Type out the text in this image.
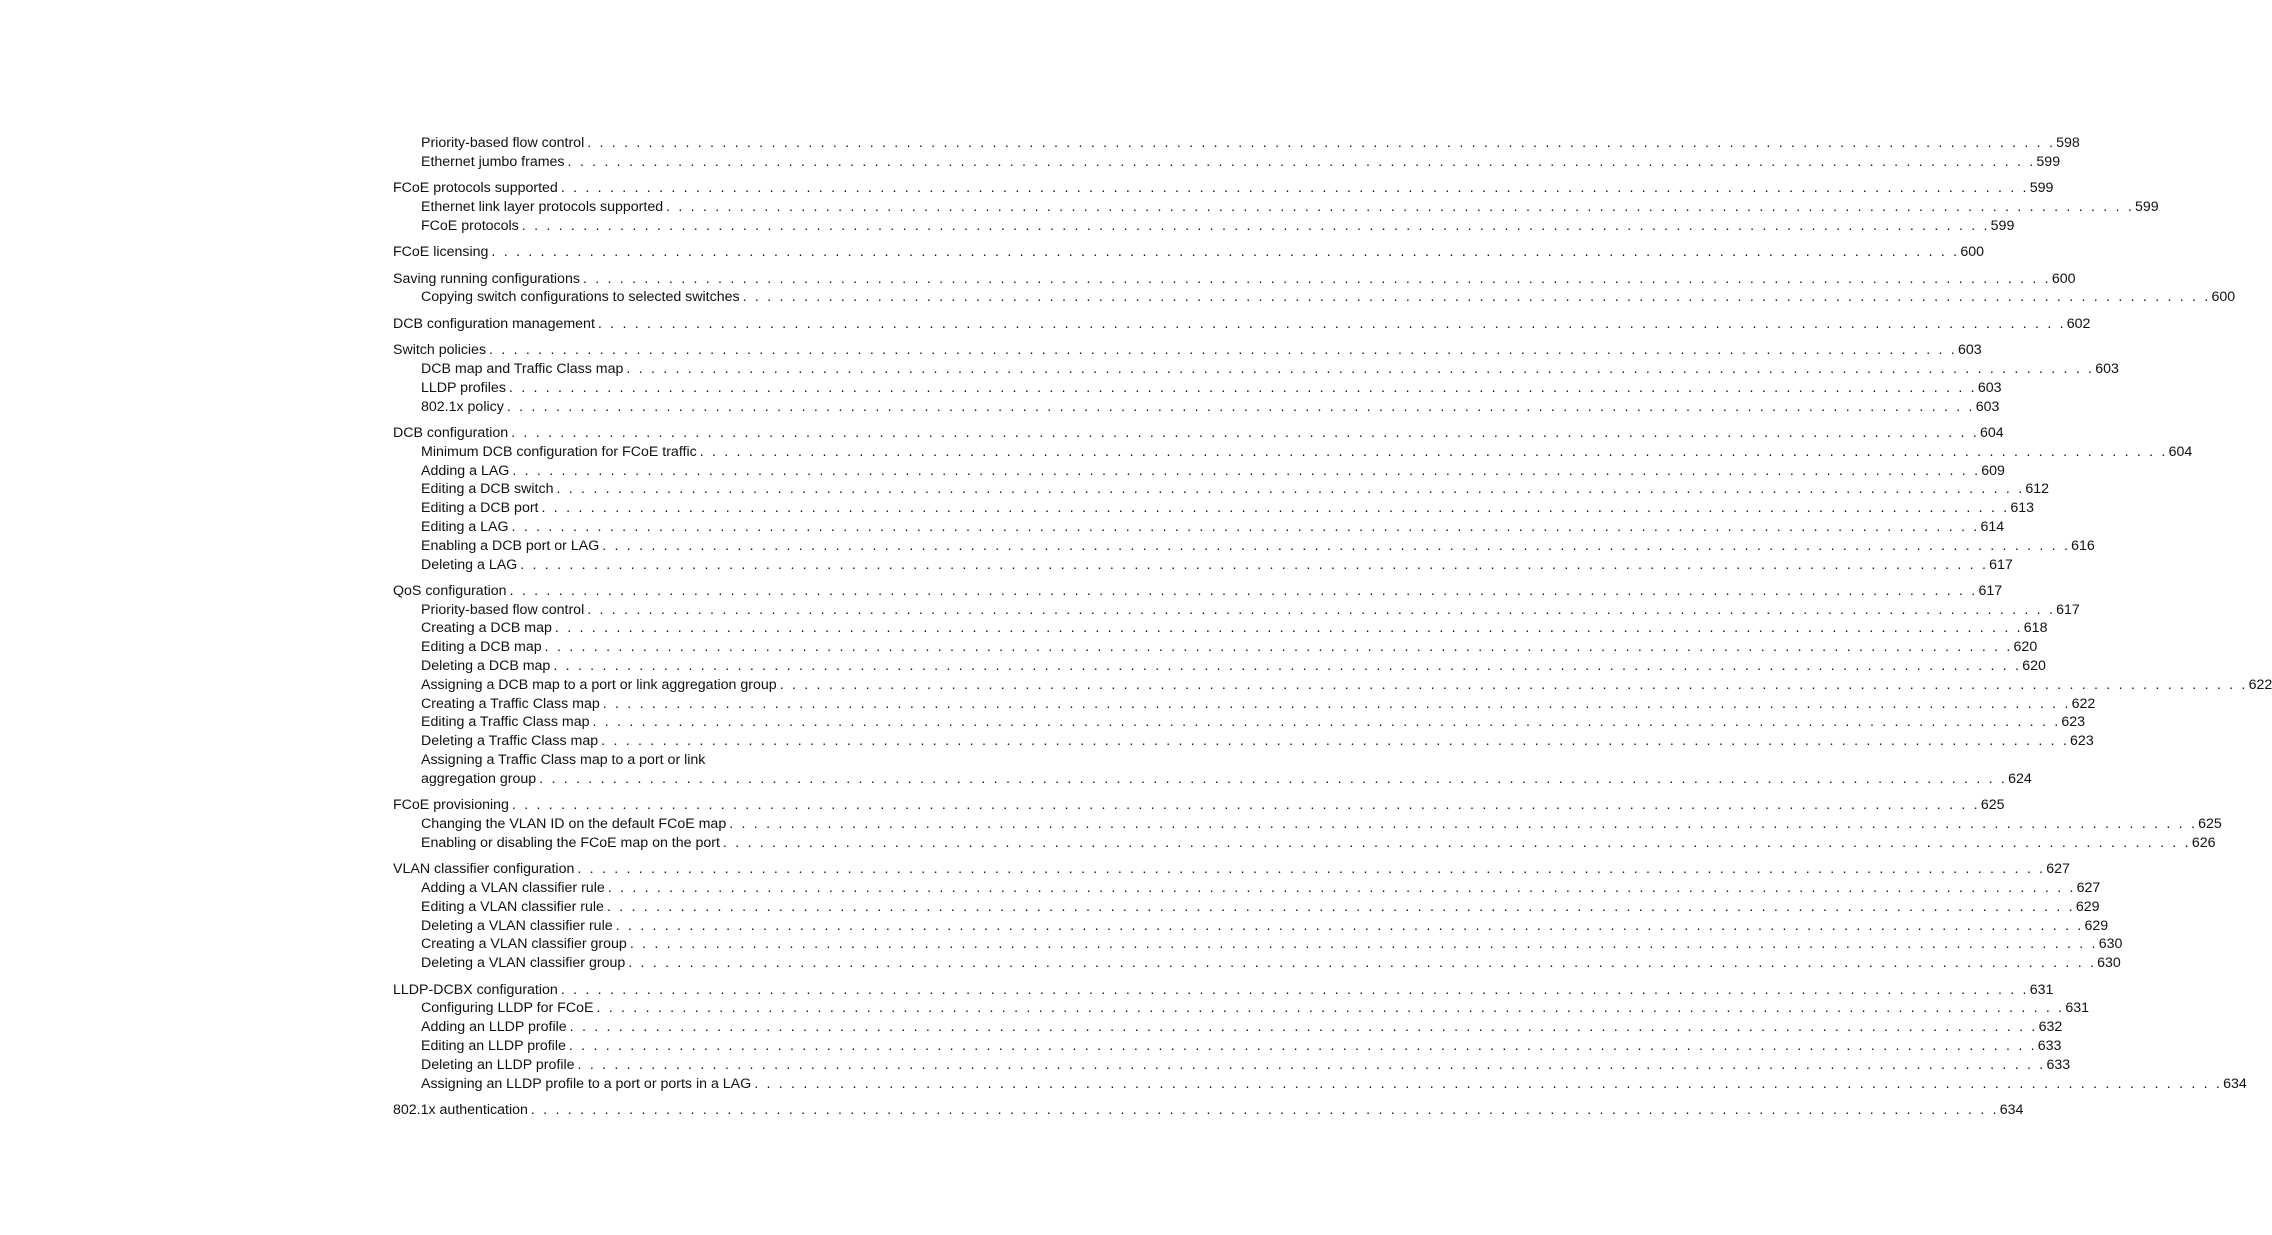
Priority-based flow control . . . . . . . . . . . . . . . . . . . . . . . . . . . . . . . . . . . . . . . . . . . . . . . . . . . . . . . . . . . . . . . . . . . . . . . . . . . . . . . . . . . . . . . . . . . . . . . . . . . . . . . . . . . . . . . . . . . . . . . . 598
Ethernet jumbo frames . . . . . . . . . . . . . . . . . . . . . . . . . . . . . . . . . . . . . . . . . . . . . . . . . . . . . . . . . . . . . . . . . . . . . . . . . . . . . . . . . . . . . . . . . . . . . . . . . . . . . . . . . . . . . . . . . . . . . . . . 599
FCoE protocols supported . . . . . . . . . . . . . . . . . . . . . . . . . . . . . . . . . . . . . . . . . . . . . . . . . . . . . . . . . . . . . . . . . . . . . . . . . . . . . . . . . . . . . . . . . . . . . . . . . . . . . . . . . . . . . . . . . . . . . . . . 599
Ethernet link layer protocols supported . . . . . . . . . . . . . . . . . . . . . . . . . . . . . . . . . . . . . . . . . . . . . . . . . . . . . . . . . . . . . . . . . . . . . . . . . . . . . . . . . . . . . . . . . . . . . . . . . . . . . . . . . . . . . . . . . . . . . . . . 599
FCoE protocols . . . . . . . . . . . . . . . . . . . . . . . . . . . . . . . . . . . . . . . . . . . . . . . . . . . . . . . . . . . . . . . . . . . . . . . . . . . . . . . . . . . . . . . . . . . . . . . . . . . . . . . . . . . . . . . . . . . . . . . . 599
FCoE licensing . . . . . . . . . . . . . . . . . . . . . . . . . . . . . . . . . . . . . . . . . . . . . . . . . . . . . . . . . . . . . . . . . . . . . . . . . . . . . . . . . . . . . . . . . . . . . . . . . . . . . . . . . . . . . . . . . . . . . . . . 600
Saving running configurations . . . . . . . . . . . . . . . . . . . . . . . . . . . . . . . . . . . . . . . . . . . . . . . . . . . . . . . . . . . . . . . . . . . . . . . . . . . . . . . . . . . . . . . . . . . . . . . . . . . . . . . . . . . . . . . . . . . . . . . . 600
Copying switch configurations to selected switches . . . . . . . . . . . . . . . . . . . . . . . . . . . . . . . . . . . . . . . . . . . . . . . . . . . . . . . . . . . . . . . . . . . . . . . . . . . . . . . . . . . . . . . . . . . . . . . . . . . . . . . . . . . . . . . . . . . . . . . . 600
DCB configuration management . . . . . . . . . . . . . . . . . . . . . . . . . . . . . . . . . . . . . . . . . . . . . . . . . . . . . . . . . . . . . . . . . . . . . . . . . . . . . . . . . . . . . . . . . . . . . . . . . . . . . . . . . . . . . . . . . . . . . . . . 602
Switch policies . . . . . . . . . . . . . . . . . . . . . . . . . . . . . . . . . . . . . . . . . . . . . . . . . . . . . . . . . . . . . . . . . . . . . . . . . . . . . . . . . . . . . . . . . . . . . . . . . . . . . . . . . . . . . . . . . . . . . . . . 603
DCB map and Traffic Class map . . . . . . . . . . . . . . . . . . . . . . . . . . . . . . . . . . . . . . . . . . . . . . . . . . . . . . . . . . . . . . . . . . . . . . . . . . . . . . . . . . . . . . . . . . . . . . . . . . . . . . . . . . . . . . . . . . . . . . . . 603
LLDP profiles . . . . . . . . . . . . . . . . . . . . . . . . . . . . . . . . . . . . . . . . . . . . . . . . . . . . . . . . . . . . . . . . . . . . . . . . . . . . . . . . . . . . . . . . . . . . . . . . . . . . . . . . . . . . . . . . . . . . . . . . 603
802.1x policy . . . . . . . . . . . . . . . . . . . . . . . . . . . . . . . . . . . . . . . . . . . . . . . . . . . . . . . . . . . . . . . . . . . . . . . . . . . . . . . . . . . . . . . . . . . . . . . . . . . . . . . . . . . . . . . . . . . . . . . . 603
DCB configuration . . . . . . . . . . . . . . . . . . . . . . . . . . . . . . . . . . . . . . . . . . . . . . . . . . . . . . . . . . . . . . . . . . . . . . . . . . . . . . . . . . . . . . . . . . . . . . . . . . . . . . . . . . . . . . . . . . . . . . . . 604
Minimum DCB configuration for FCoE traffic . . . . . . . . . . . . . . . . . . . . . . . . . . . . . . . . . . . . . . . . . . . . . . . . . . . . . . . . . . . . . . . . . . . . . . . . . . . . . . . . . . . . . . . . . . . . . . . . . . . . . . . . . . . . . . . . . . . . . . . . 604
Adding a LAG . . . . . . . . . . . . . . . . . . . . . . . . . . . . . . . . . . . . . . . . . . . . . . . . . . . . . . . . . . . . . . . . . . . . . . . . . . . . . . . . . . . . . . . . . . . . . . . . . . . . . . . . . . . . . . . . . . . . . . . . 609
Editing a DCB switch . . . . . . . . . . . . . . . . . . . . . . . . . . . . . . . . . . . . . . . . . . . . . . . . . . . . . . . . . . . . . . . . . . . . . . . . . . . . . . . . . . . . . . . . . . . . . . . . . . . . . . . . . . . . . . . . . . . . . . . . 612
Editing a DCB port . . . . . . . . . . . . . . . . . . . . . . . . . . . . . . . . . . . . . . . . . . . . . . . . . . . . . . . . . . . . . . . . . . . . . . . . . . . . . . . . . . . . . . . . . . . . . . . . . . . . . . . . . . . . . . . . . . . . . . . . 613
Editing a LAG . . . . . . . . . . . . . . . . . . . . . . . . . . . . . . . . . . . . . . . . . . . . . . . . . . . . . . . . . . . . . . . . . . . . . . . . . . . . . . . . . . . . . . . . . . . . . . . . . . . . . . . . . . . . . . . . . . . . . . . . 614
Enabling a DCB port or LAG . . . . . . . . . . . . . . . . . . . . . . . . . . . . . . . . . . . . . . . . . . . . . . . . . . . . . . . . . . . . . . . . . . . . . . . . . . . . . . . . . . . . . . . . . . . . . . . . . . . . . . . . . . . . . . . . . . . . . . . . 616
Deleting a LAG . . . . . . . . . . . . . . . . . . . . . . . . . . . . . . . . . . . . . . . . . . . . . . . . . . . . . . . . . . . . . . . . . . . . . . . . . . . . . . . . . . . . . . . . . . . . . . . . . . . . . . . . . . . . . . . . . . . . . . . . 617
QoS configuration . . . . . . . . . . . . . . . . . . . . . . . . . . . . . . . . . . . . . . . . . . . . . . . . . . . . . . . . . . . . . . . . . . . . . . . . . . . . . . . . . . . . . . . . . . . . . . . . . . . . . . . . . . . . . . . . . . . . . . . . 617
Priority-based flow control . . . . . . . . . . . . . . . . . . . . . . . . . . . . . . . . . . . . . . . . . . . . . . . . . . . . . . . . . . . . . . . . . . . . . . . . . . . . . . . . . . . . . . . . . . . . . . . . . . . . . . . . . . . . . . . . . . . . . . . . 617
Creating a DCB map . . . . . . . . . . . . . . . . . . . . . . . . . . . . . . . . . . . . . . . . . . . . . . . . . . . . . . . . . . . . . . . . . . . . . . . . . . . . . . . . . . . . . . . . . . . . . . . . . . . . . . . . . . . . . . . . . . . . . . . . 618
Editing a DCB map . . . . . . . . . . . . . . . . . . . . . . . . . . . . . . . . . . . . . . . . . . . . . . . . . . . . . . . . . . . . . . . . . . . . . . . . . . . . . . . . . . . . . . . . . . . . . . . . . . . . . . . . . . . . . . . . . . . . . . . . 620
Deleting a DCB map . . . . . . . . . . . . . . . . . . . . . . . . . . . . . . . . . . . . . . . . . . . . . . . . . . . . . . . . . . . . . . . . . . . . . . . . . . . . . . . . . . . . . . . . . . . . . . . . . . . . . . . . . . . . . . . . . . . . . . . . 620
Assigning a DCB map to a port or link aggregation group . . . . . . . . . . . . . . . . . . . . . . . . . . . . . . . . . . . . . . . . . . . . . . . . . . . . . . . . . . . . . . . . . . . . . . . . . . . . . . . . . . . . . . . . . . . . . . . . . . . . . . . . . . . . . . . . . . . . . . . . 622
Creating a Traffic Class map . . . . . . . . . . . . . . . . . . . . . . . . . . . . . . . . . . . . . . . . . . . . . . . . . . . . . . . . . . . . . . . . . . . . . . . . . . . . . . . . . . . . . . . . . . . . . . . . . . . . . . . . . . . . . . . . . . . . . . . . 622
Editing a Traffic Class map . . . . . . . . . . . . . . . . . . . . . . . . . . . . . . . . . . . . . . . . . . . . . . . . . . . . . . . . . . . . . . . . . . . . . . . . . . . . . . . . . . . . . . . . . . . . . . . . . . . . . . . . . . . . . . . . . . . . . . . . 623
Deleting a Traffic Class map . . . . . . . . . . . . . . . . . . . . . . . . . . . . . . . . . . . . . . . . . . . . . . . . . . . . . . . . . . . . . . . . . . . . . . . . . . . . . . . . . . . . . . . . . . . . . . . . . . . . . . . . . . . . . . . . . . . . . . . . 623
Assigning a Traffic Class map to a port or link
aggregation group . . . . . . . . . . . . . . . . . . . . . . . . . . . . . . . . . . . . . . . . . . . . . . . . . . . . . . . . . . . . . . . . . . . . . . . . . . . . . . . . . . . . . . . . . . . . . . . . . . . . . . . . . . . . . . . . . . . . . . . . 624
FCoE provisioning . . . . . . . . . . . . . . . . . . . . . . . . . . . . . . . . . . . . . . . . . . . . . . . . . . . . . . . . . . . . . . . . . . . . . . . . . . . . . . . . . . . . . . . . . . . . . . . . . . . . . . . . . . . . . . . . . . . . . . . . 625
Changing the VLAN ID on the default FCoE map . . . . . . . . . . . . . . . . . . . . . . . . . . . . . . . . . . . . . . . . . . . . . . . . . . . . . . . . . . . . . . . . . . . . . . . . . . . . . . . . . . . . . . . . . . . . . . . . . . . . . . . . . . . . . . . . . . . . . . . . 625
Enabling or disabling the FCoE map on the port . . . . . . . . . . . . . . . . . . . . . . . . . . . . . . . . . . . . . . . . . . . . . . . . . . . . . . . . . . . . . . . . . . . . . . . . . . . . . . . . . . . . . . . . . . . . . . . . . . . . . . . . . . . . . . . . . . . . . . . . 626
VLAN classifier configuration . . . . . . . . . . . . . . . . . . . . . . . . . . . . . . . . . . . . . . . . . . . . . . . . . . . . . . . . . . . . . . . . . . . . . . . . . . . . . . . . . . . . . . . . . . . . . . . . . . . . . . . . . . . . . . . . . . . . . . . . 627
Adding a VLAN classifier rule . . . . . . . . . . . . . . . . . . . . . . . . . . . . . . . . . . . . . . . . . . . . . . . . . . . . . . . . . . . . . . . . . . . . . . . . . . . . . . . . . . . . . . . . . . . . . . . . . . . . . . . . . . . . . . . . . . . . . . . . 627
Editing a VLAN classifier rule . . . . . . . . . . . . . . . . . . . . . . . . . . . . . . . . . . . . . . . . . . . . . . . . . . . . . . . . . . . . . . . . . . . . . . . . . . . . . . . . . . . . . . . . . . . . . . . . . . . . . . . . . . . . . . . . . . . . . . . . 629
Deleting a VLAN classifier rule . . . . . . . . . . . . . . . . . . . . . . . . . . . . . . . . . . . . . . . . . . . . . . . . . . . . . . . . . . . . . . . . . . . . . . . . . . . . . . . . . . . . . . . . . . . . . . . . . . . . . . . . . . . . . . . . . . . . . . . . 629
Creating a VLAN classifier group . . . . . . . . . . . . . . . . . . . . . . . . . . . . . . . . . . . . . . . . . . . . . . . . . . . . . . . . . . . . . . . . . . . . . . . . . . . . . . . . . . . . . . . . . . . . . . . . . . . . . . . . . . . . . . . . . . . . . . . . 630
Deleting a VLAN classifier group . . . . . . . . . . . . . . . . . . . . . . . . . . . . . . . . . . . . . . . . . . . . . . . . . . . . . . . . . . . . . . . . . . . . . . . . . . . . . . . . . . . . . . . . . . . . . . . . . . . . . . . . . . . . . . . . . . . . . . . . 630
LLDP-DCBX configuration . . . . . . . . . . . . . . . . . . . . . . . . . . . . . . . . . . . . . . . . . . . . . . . . . . . . . . . . . . . . . . . . . . . . . . . . . . . . . . . . . . . . . . . . . . . . . . . . . . . . . . . . . . . . . . . . . . . . . . . . 631
Configuring LLDP for FCoE . . . . . . . . . . . . . . . . . . . . . . . . . . . . . . . . . . . . . . . . . . . . . . . . . . . . . . . . . . . . . . . . . . . . . . . . . . . . . . . . . . . . . . . . . . . . . . . . . . . . . . . . . . . . . . . . . . . . . . . . 631
Adding an LLDP profile . . . . . . . . . . . . . . . . . . . . . . . . . . . . . . . . . . . . . . . . . . . . . . . . . . . . . . . . . . . . . . . . . . . . . . . . . . . . . . . . . . . . . . . . . . . . . . . . . . . . . . . . . . . . . . . . . . . . . . . . 632
Editing an LLDP profile . . . . . . . . . . . . . . . . . . . . . . . . . . . . . . . . . . . . . . . . . . . . . . . . . . . . . . . . . . . . . . . . . . . . . . . . . . . . . . . . . . . . . . . . . . . . . . . . . . . . . . . . . . . . . . . . . . . . . . . . 633
Deleting an LLDP profile . . . . . . . . . . . . . . . . . . . . . . . . . . . . . . . . . . . . . . . . . . . . . . . . . . . . . . . . . . . . . . . . . . . . . . . . . . . . . . . . . . . . . . . . . . . . . . . . . . . . . . . . . . . . . . . . . . . . . . . . 633
Assigning an LLDP profile to a port or ports in a LAG . . . . . . . . . . . . . . . . . . . . . . . . . . . . . . . . . . . . . . . . . . . . . . . . . . . . . . . . . . . . . . . . . . . . . . . . . . . . . . . . . . . . . . . . . . . . . . . . . . . . . . . . . . . . . . . . . . . . . . . . 634
802.1x authentication . . . . . . . . . . . . . . . . . . . . . . . . . . . . . . . . . . . . . . . . . . . . . . . . . . . . . . . . . . . . . . . . . . . . . . . . . . . . . . . . . . . . . . . . . . . . . . . . . . . . . . . . . . . . . . . . . . . . . . . . 634
